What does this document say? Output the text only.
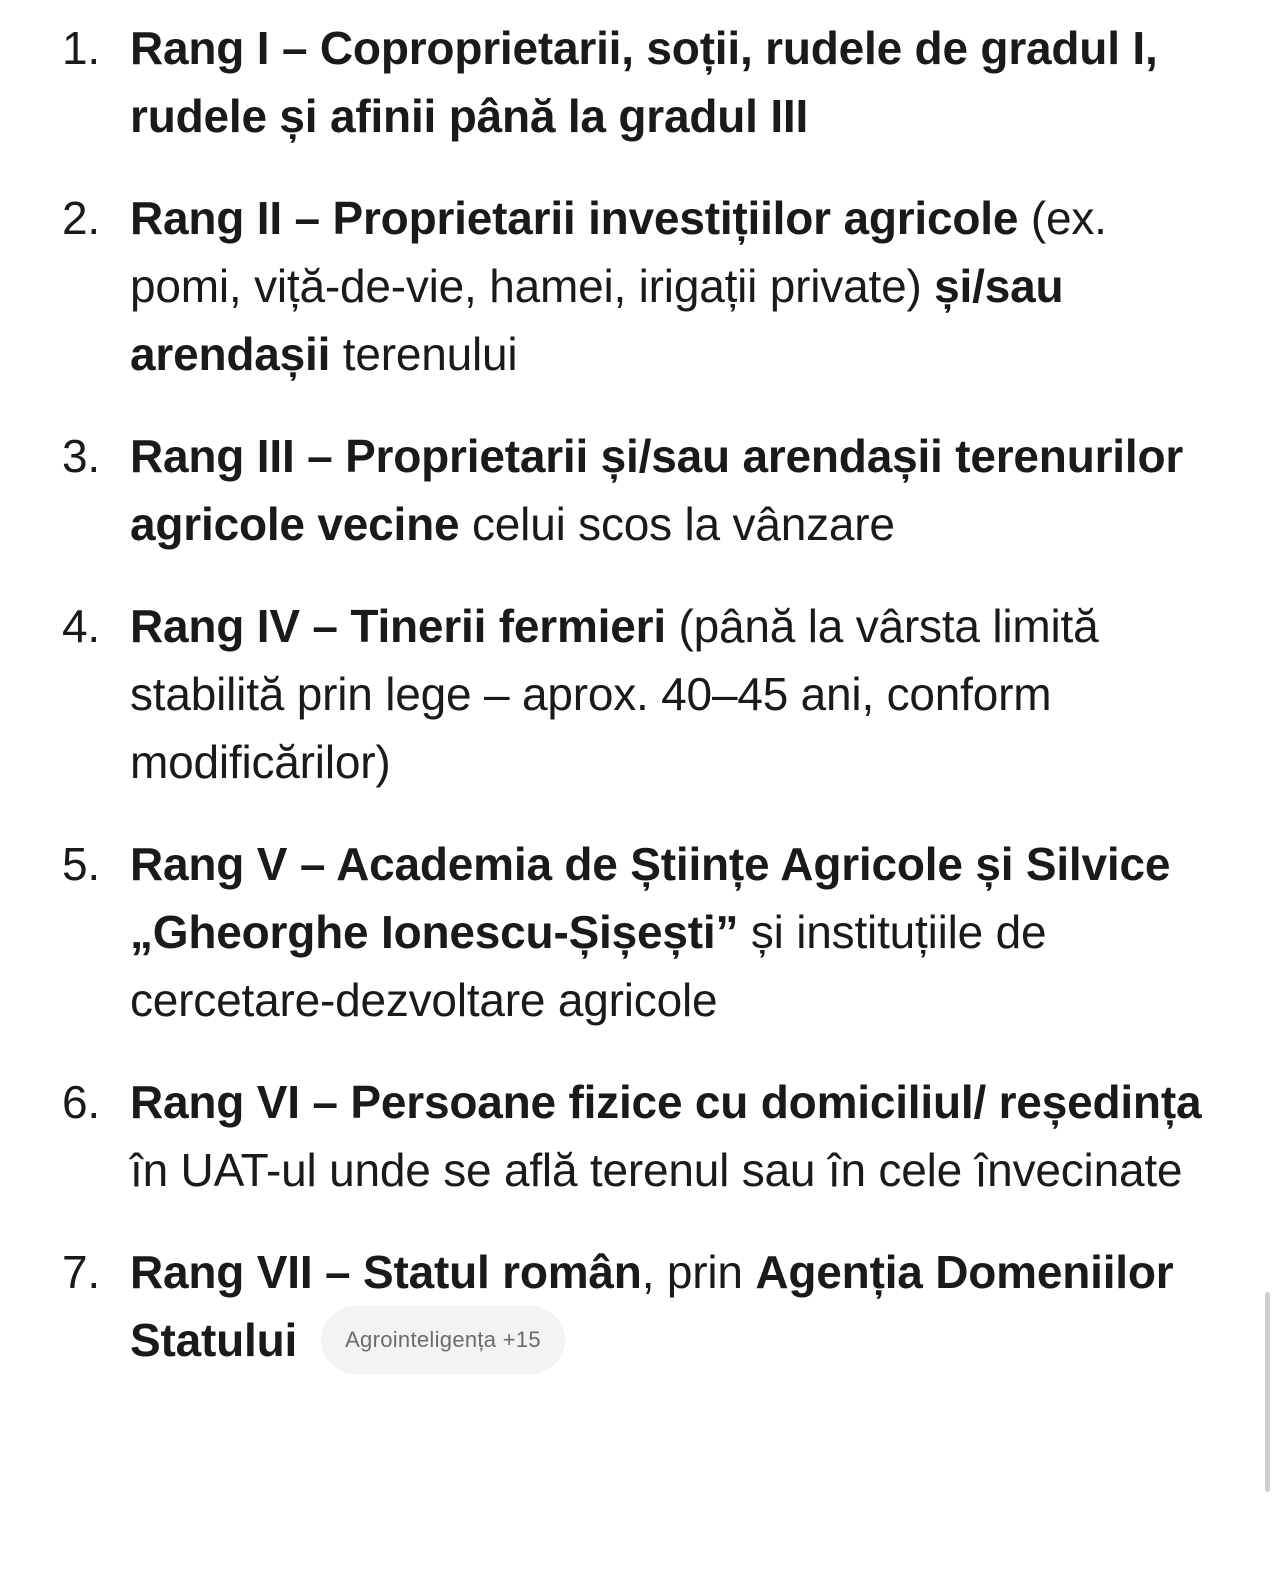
1. Rang I – Coproprietarii, soții, rudele de gradul I, rudele și afinii până la gradul III
2. Rang II – Proprietarii investițiilor agricole (ex. pomi, viță-de-vie, hamei, irigații private) și/sau arendașii terenului
3. Rang III – Proprietarii și/sau arendașii terenurilor agricole vecine celui scos la vânzare
4. Rang IV – Tinerii fermieri (până la vârsta limită stabilită prin lege – aprox. 40–45 ani, conform modificărilor)
5. Rang V – Academia de Științe Agricole și Silvice „Gheorghe Ionescu-Șișești” și instituțiile de cercetare-dezvoltare agricole
6. Rang VI – Persoane fizice cu domiciliul/ reședința în UAT-ul unde se află terenul sau în cele învecinate
7. Rang VII – Statul român, prin Agenția Domeniilor Statului Agrointeligența +15
